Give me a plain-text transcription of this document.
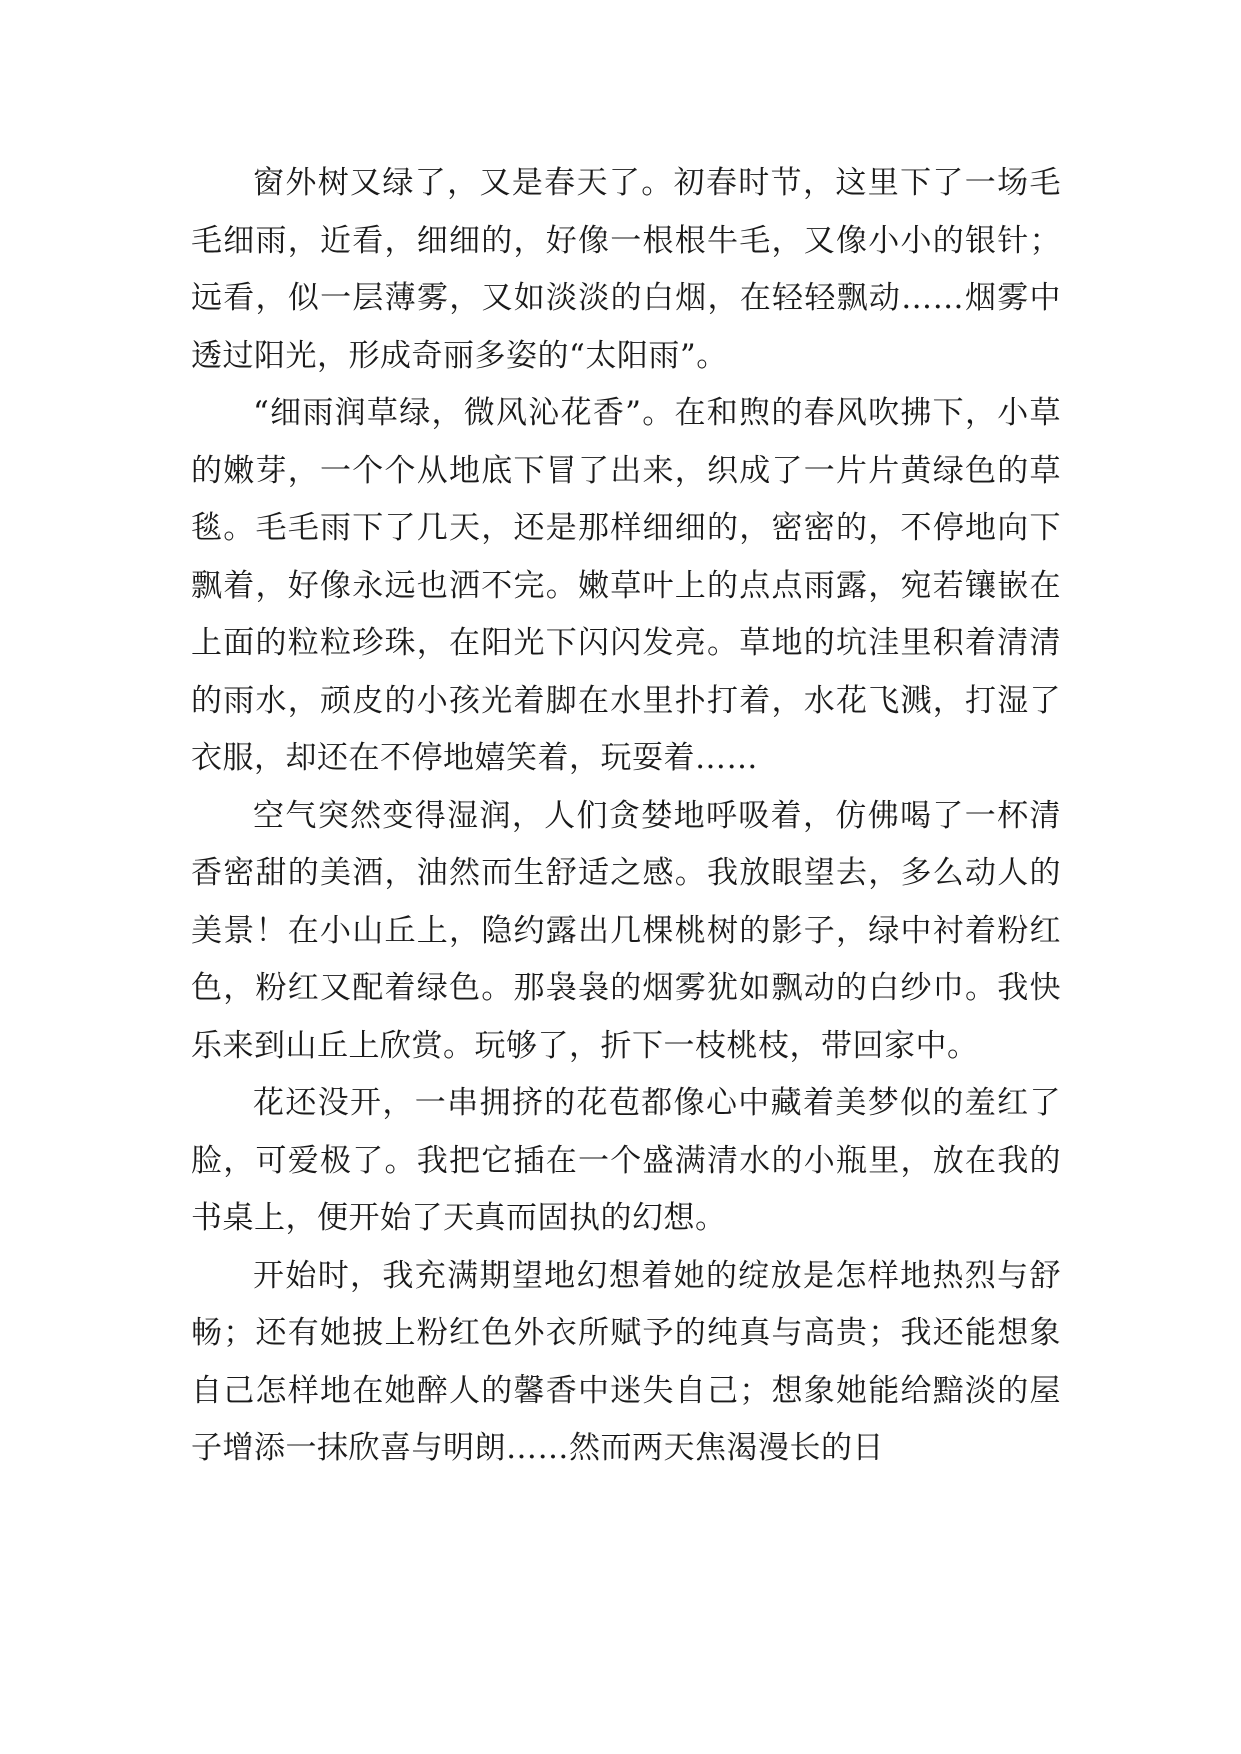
窗外树又绿了，又是春天了。初春时节，这里下了一场毛毛细雨，近看，细细的，好像一根根牛毛，又像小小的银针；远看，似一层薄雾，又如淡淡的白烟，在轻轻飘动……烟雾中透过阳光，形成奇丽多姿的“太阳雨”。

“细雨润草绿，微风沁花香”。在和煦的春风吹拂下，小草的嫩芽，一个个从地底下冒了出来，织成了一片片黄绿色的草毯。毛毛雨下了几天，还是那样细细的，密密的，不停地向下飘着，好像永远也洒不完。嫩草叶上的点点雨露，宛若镶嵌在上面的粒粒珍珠，在阳光下闪闪发亮。草地的坑洼里积着清清的雨水，顽皮的小孩光着脚在水里扑打着，水花飞溅，打湿了衣服，却还在不停地嬉笑着，玩耍着……

空气突然变得湿润，人们贪婪地呼吸着，仿佛喝了一杯清香密甜的美酒，油然而生舒适之感。我放眼望去，多么动人的美景！在小山丘上，隐约露出几棵桃树的影子，绿中衬着粉红色，粉红又配着绿色。那袅袅的烟雾犹如飘动的白纱巾。我快乐来到山丘上欣赏。玩够了，折下一枝桃枝，带回家中。

花还没开，一串拥挤的花苞都像心中藏着美梦似的羞红了脸，可爱极了。我把它插在一个盛满清水的小瓶里，放在我的书桌上，便开始了天真而固执的幻想。

开始时，我充满期望地幻想着她的绽放是怎样地热烈与舒畅；还有她披上粉红色外衣所赋予的纯真与高贵；我还能想象自己怎样地在她醉人的馨香中迷失自己；想象她能给黯淡的屋子增添一抹欣喜与明朗……然而两天焦渴漫长的日
